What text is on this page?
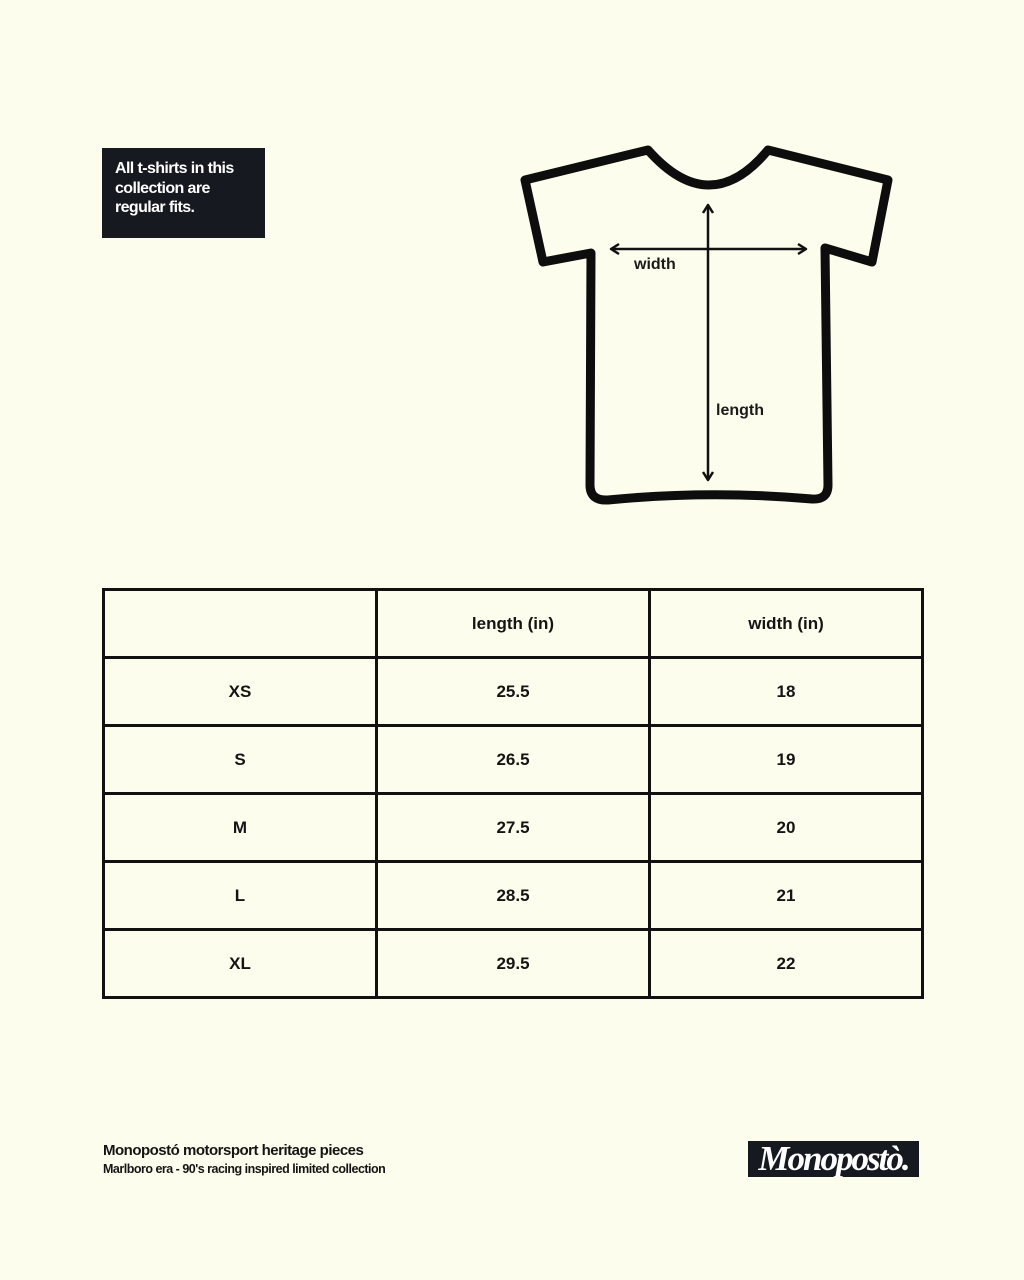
All t-shirts in this
collection are
regular fits.
width
length
	length (in)	width (in)
XS	25.5	18
S	26.5	19
M	27.5	20
L	28.5	21
XL	29.5	22
Monopostó motorsport heritage pieces
Marlboro era - 90's racing inspired limited collection	Monopostò.
